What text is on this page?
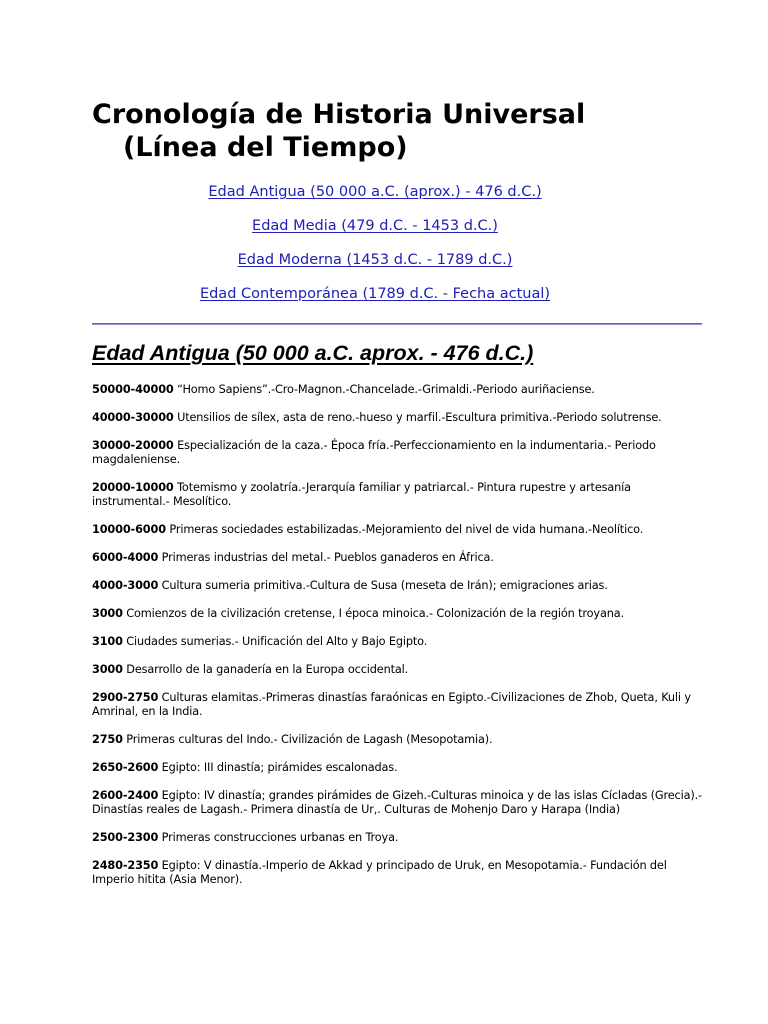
Cronología de Historia Universal
(Línea del Tiempo)
Edad Antigua (50 000 a.C. (aprox.) - 476 d.C.)
Edad Media (479 d.C. - 1453 d.C.)
Edad Moderna (1453 d.C. - 1789 d.C.)
Edad Contemporánea (1789 d.C. - Fecha actual)
Edad Antigua (50 000 a.C. aprox. - 476 d.C.)

50000-40000 “Homo Sapiens”.-Cro-Magnon.-Chancelade.-Grimaldi.-Periodo auriñaciense.

40000-30000 Utensilios de sílex, asta de reno.-hueso y marfil.-Escultura primitiva.-Periodo solutrense.

30000-20000 Especialización de la caza.- Época fría.-Perfeccionamiento en la indumentaria.- Periodo magdaleniense.

20000-10000 Totemismo y zoolatría.-Jerarquía familiar y patriarcal.- Pintura rupestre y artesanía instrumental.- Mesolítico.

10000-6000 Primeras sociedades estabilizadas.-Mejoramiento del nivel de vida humana.-Neolítico.

6000-4000 Primeras industrias del metal.- Pueblos ganaderos en África.

4000-3000 Cultura sumeria primitiva.-Cultura de Susa (meseta de Irán); emigraciones arias.

3000 Comienzos de la civilización cretense, I época minoica.- Colonización de la región troyana.

3100 Ciudades sumerias.- Unificación del Alto y Bajo Egipto.

3000 Desarrollo de la ganadería en la Europa occidental.

2900-2750 Culturas elamitas.-Primeras dinastías faraónicas en Egipto.-Civilizaciones de Zhob, Queta, Kuli y Amrinal, en la India.

2750 Primeras culturas del Indo.- Civilización de Lagash (Mesopotamia).

2650-2600 Egipto: III dinastía; pirámides escalonadas.

2600-2400 Egipto: IV dinastía; grandes pirámides de Gizeh.-Culturas minoica y de las islas Cícladas (Grecia).- Dinastías reales de Lagash.- Primera dinastía de Ur,. Culturas de Mohenjo Daro y Harapa (India)

2500-2300 Primeras construcciones urbanas en Troya.

2480-2350 Egipto: V dinastía.-Imperio de Akkad y principado de Uruk, en Mesopotamia.- Fundación del Imperio hitita (Asia Menor).
